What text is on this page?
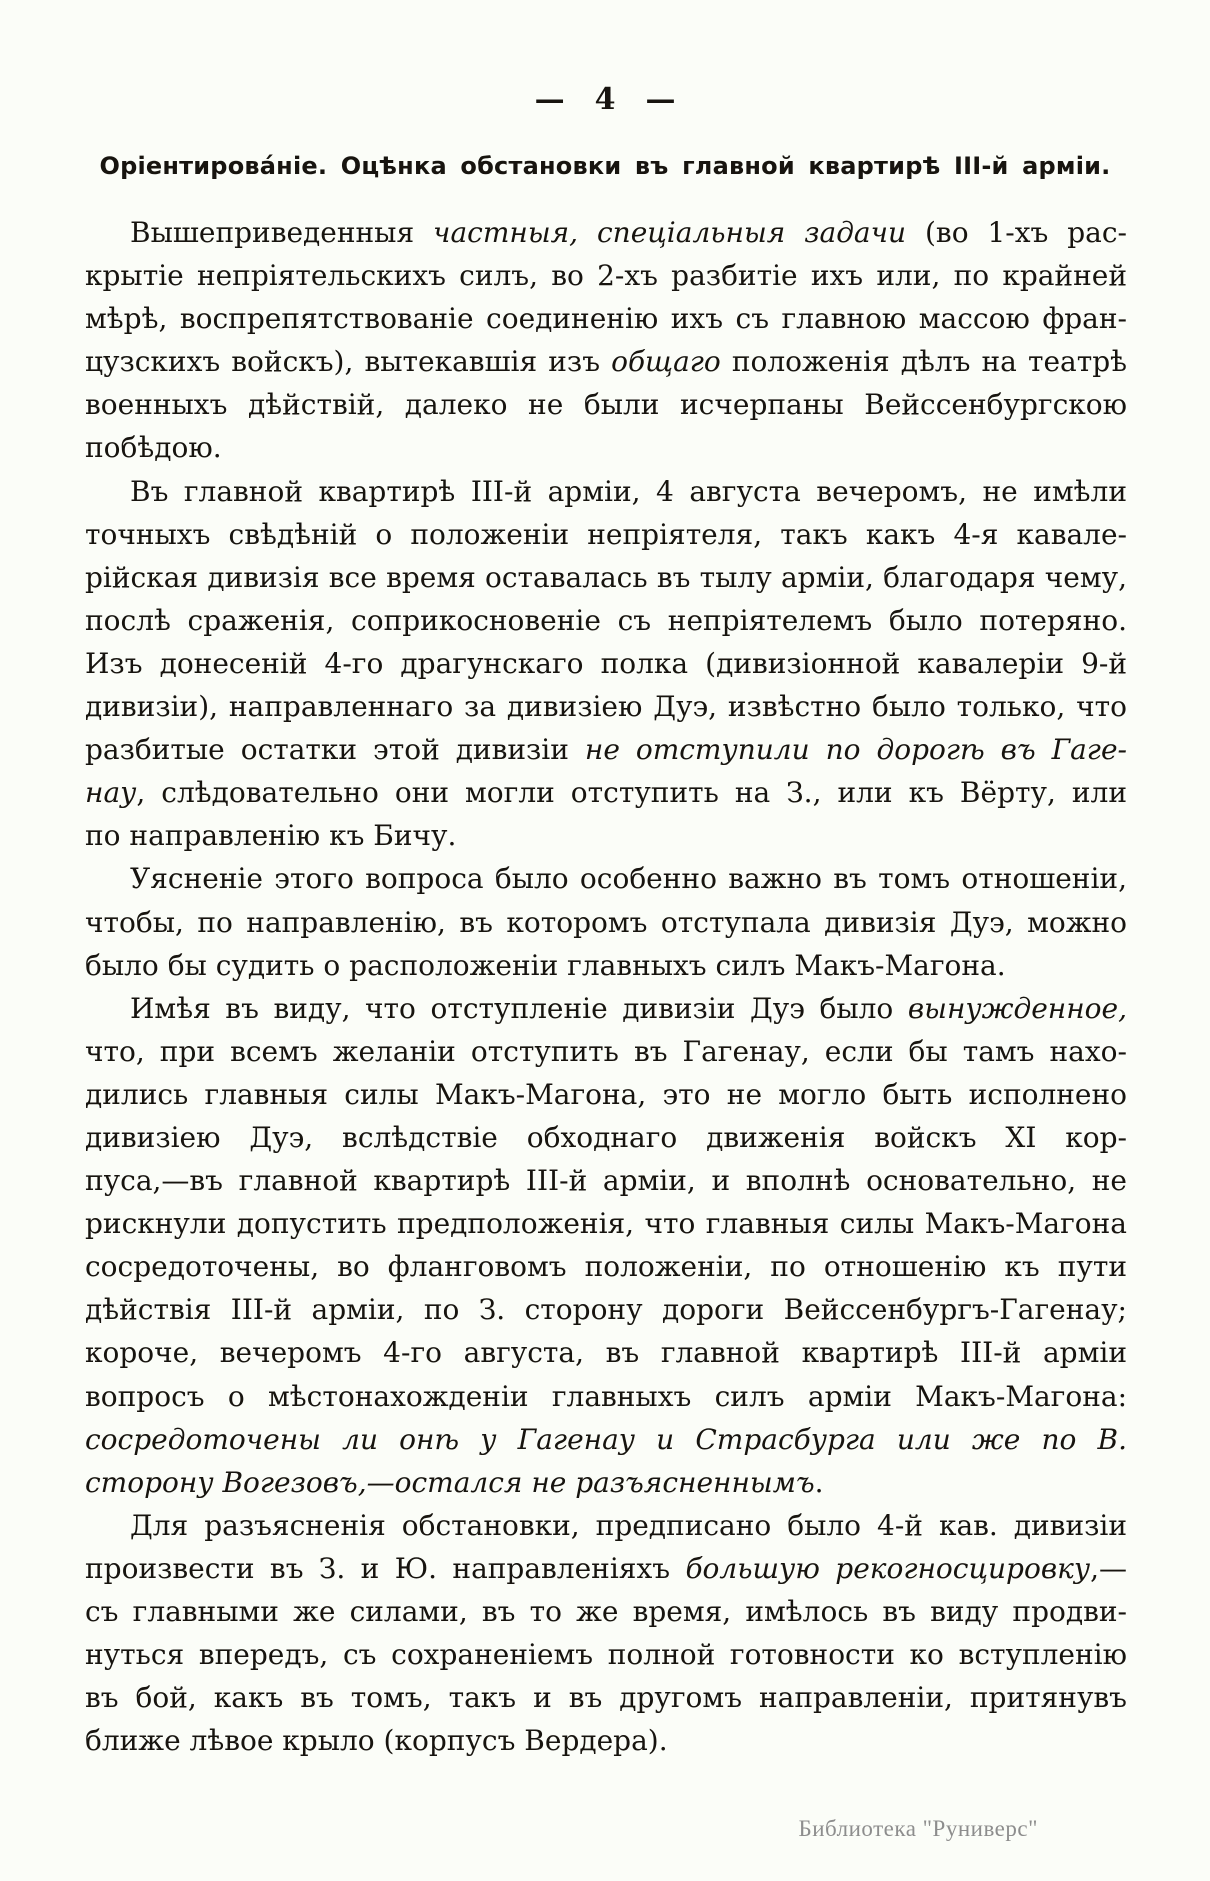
— 4 —
Оріентирова́ніе. Оцѣнка обстановки въ главной квартирѣ III-й арміи.
Вышеприведенныя частныя, спеціальныя задачи (во 1-хъ рас-
крытіе непріятельскихъ силъ, во 2-хъ разбитіе ихъ или, по крайней
мѣрѣ, воспрепятствованіе соединенію ихъ съ главною массою фран-
цузскихъ войскъ), вытекавшія изъ общаго положенія дѣлъ на театрѣ
военныхъ дѣйствій, далеко не были исчерпаны Вейссенбургскою
побѣдою.
Въ главной квартирѣ III-й арміи, 4 августа вечеромъ, не имѣли
точныхъ свѣдѣній о положеніи непріятеля, такъ какъ 4-я кавале-
рійская дивизія все время оставалась въ тылу арміи, благодаря чему,
послѣ сраженія, соприкосновеніе съ непріятелемъ было потеряно.
Изъ донесеній 4-го драгунскаго полка (дивизіонной кавалеріи 9-й
дивизіи), направленнаго за дивизіею Дуэ, извѣстно было только, что
разбитые остатки этой дивизіи не отступили по дорогѣ въ Гаге-
нау, слѣдовательно они могли отступить на З., или къ Вёрту, или
по направленію къ Бичу.
Уясненіе этого вопроса было особенно важно въ томъ отношеніи,
чтобы, по направленію, въ которомъ отступала дивизія Дуэ, можно
было бы судить о расположеніи главныхъ силъ Макъ-Магона.
Имѣя въ виду, что отступленіе дивизіи Дуэ было вынужденное,
что, при всемъ желаніи отступить въ Гагенау, если бы тамъ нахо-
дились главныя силы Макъ-Магона, это не могло быть исполнено
дивизіею Дуэ, вслѣдствіе обходнаго движенія войскъ XI кор-
пуса,—въ главной квартирѣ III-й арміи, и вполнѣ основательно, не
рискнули допустить предположенія, что главныя силы Макъ-Магона
сосредоточены, во фланговомъ положеніи, по отношенію къ пути
дѣйствія III-й арміи, по З. сторону дороги Вейссенбургъ-Гагенау;
короче, вечеромъ 4-го августа, въ главной квартирѣ III-й арміи
вопросъ о мѣстонахожденіи главныхъ силъ арміи Макъ-Магона:
сосредоточены ли онѣ у Гагенау и Страсбурга или же по В.
сторону Вогезовъ,—остался не разъясненнымъ.
Для разъясненія обстановки, предписано было 4-й кав. дивизіи
произвести въ З. и Ю. направленіяхъ большую рекогносцировку,—
съ главными же силами, въ то же время, имѣлось въ виду продви-
нуться впередъ, съ сохраненіемъ полной готовности ко вступленію
въ бой, какъ въ томъ, такъ и въ другомъ направленіи, притянувъ
ближе лѣвое крыло (корпусъ Вердера).
Библиотека "Руниверс"
